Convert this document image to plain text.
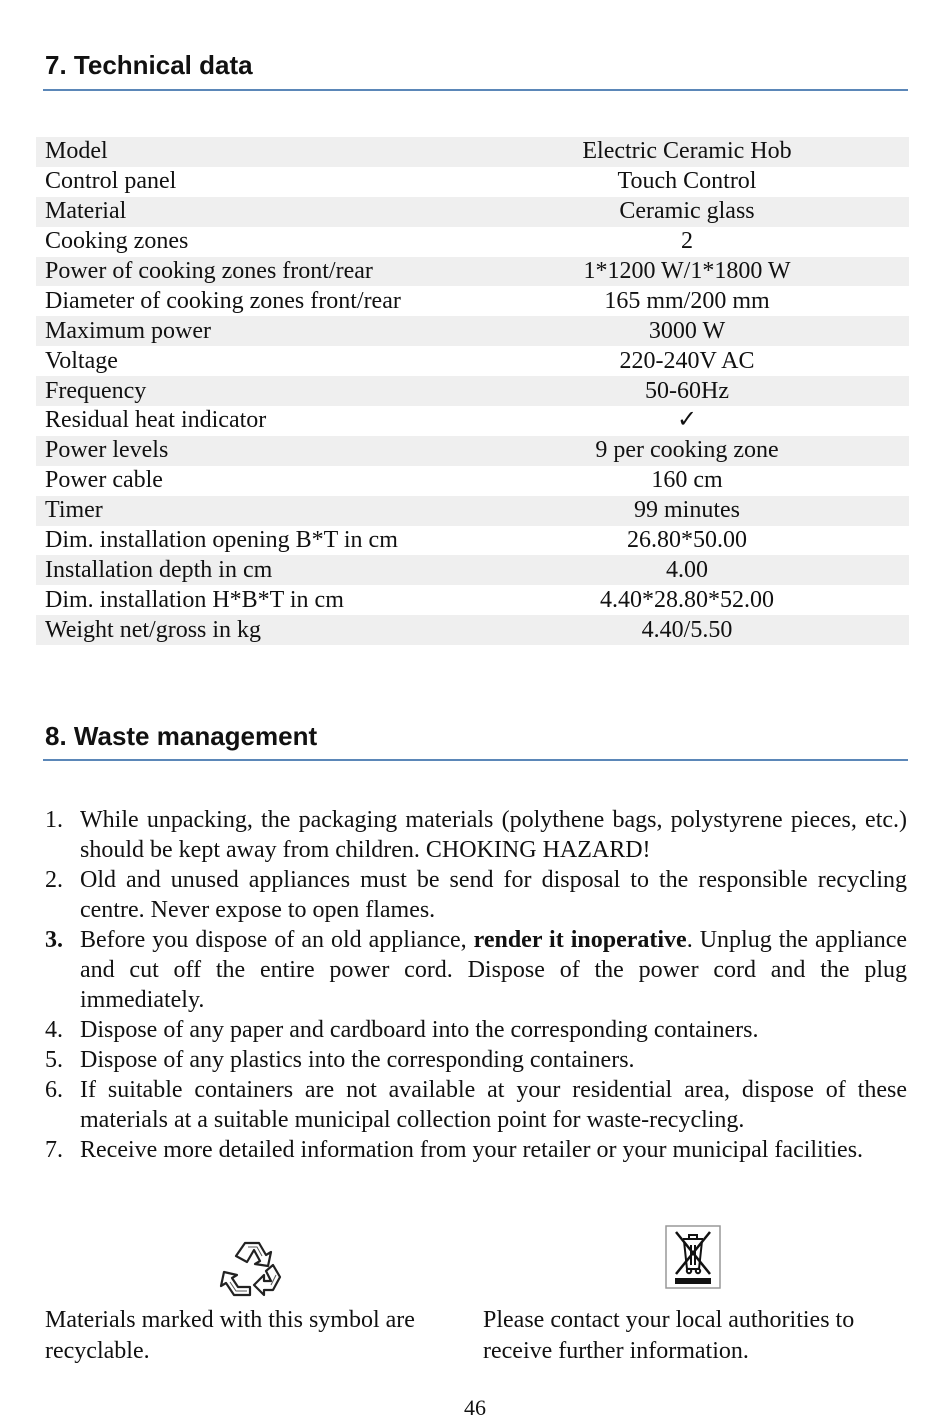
7. Technical data
Model	Electric Ceramic Hob
Control panel	Touch Control
Material	Ceramic glass
Cooking zones	2
Power of cooking zones front/rear	1*1200 W/1*1800 W
Diameter of cooking zones front/rear	165 mm/200 mm
Maximum power	3000 W
Voltage	220-240V AC
Frequency	50-60Hz
Residual heat indicator	✓
Power levels	9 per cooking zone
Power cable	160 cm
Timer	99 minutes
Dim. installation opening B*T in cm	26.80*50.00
Installation depth in cm	4.00
Dim. installation H*B*T in cm	4.40*28.80*52.00
Weight net/gross in kg	4.40/5.50
8. Waste management
1. While unpacking, the packaging materials (polythene bags, polystyrene pieces, etc.) should be kept away from children. CHOKING HAZARD!
2. Old and unused appliances must be send for disposal to the responsible recycling centre. Never expose to open flames.
3. Before you dispose of an old appliance, render it inoperative. Unplug the appliance and cut off the entire power cord. Dispose of the power cord and the plug immediately.
4. Dispose of any paper and cardboard into the corresponding containers.
5. Dispose of any plastics into the corresponding containers.
6. If suitable containers are not available at your residential area, dispose of these materials at a suitable municipal collection point for waste-recycling.
7. Receive more detailed information from your retailer or your municipal facilities.
Materials marked with this symbol are recyclable.
Please contact your local authorities to receive further information.
46
